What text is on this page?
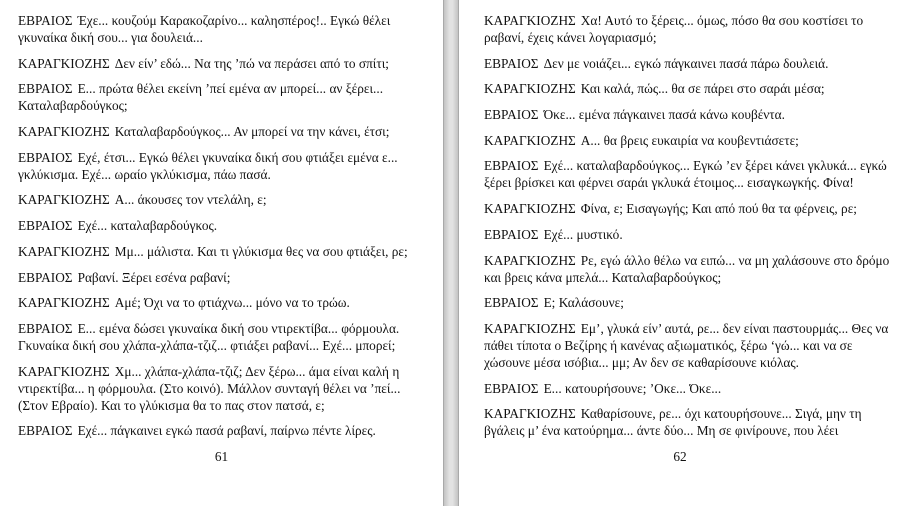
ΕΒΡΑΙΟΣ Έχε... κουζούμ Καρακοζαρίνο... καλησπέρος!.. Εγκώ θέλει γκυναίκα δική σου... για δουλειά...

ΚΑΡΑΓΚΙΟΖΗΣ Δεν είν’ εδώ... Να της ’πώ να περάσει από το σπίτι;

ΕΒΡΑΙΟΣ Ε... πρώτα θέλει εκείνη ’πεί εμένα αν μπορεί... αν ξέρει... Καταλαβαρδούγκος;

ΚΑΡΑΓΚΙΟΖΗΣ Καταλαβαρδούγκος... Αν μπορεί να την κάνει, έτσι;

ΕΒΡΑΙΟΣ Εχέ, έτσι... Εγκώ θέλει γκυναίκα δική σου φτιάξει εμένα ε... γκλύκισμα. Εχέ... ωραίο γκλύκισμα, πάω πασά.

ΚΑΡΑΓΚΙΟΖΗΣ Α... άκουσες τον ντελάλη, ε;

ΕΒΡΑΙΟΣ Εχέ... καταλαβαρδούγκος.

ΚΑΡΑΓΚΙΟΖΗΣ Μμ... μάλιστα. Και τι γλύκισμα θες να σου φτιάξει, ρε;

ΕΒΡΑΙΟΣ Ραβανί. Ξέρει εσένα ραβανί;

ΚΑΡΑΓΚΙΟΖΗΣ Αμέ; Όχι να το φτιάχνω... μόνο να το τρώω.

ΕΒΡΑΙΟΣ Ε... εμένα δώσει γκυναίκα δική σου ντιρεκτίβα... φόρμουλα. Γκυναίκα δική σου χλάπα-χλάπα-τζιζ... φτιάξει ραβανί... Εχέ... μπορεί;

ΚΑΡΑΓΚΙΟΖΗΣ Χμ... χλάπα-χλάπα-τζιζ; Δεν ξέρω... άμα είναι καλή η ντιρεκτίβα... η φόρμουλα. (Στο κοινό). Μάλλον συνταγή θέλει να ’πεί... (Στον Εβραίο). Και το γλύκισμα θα το πας στον πατσά, ε;

ΕΒΡΑΙΟΣ Εχέ... πάγκαινει εγκώ πασά ραβανί, παίρνω πέντε λίρες.

61

ΚΑΡΑΓΚΙΟΖΗΣ Χα! Αυτό το ξέρεις... όμως, πόσο θα σου κοστίσει το ραβανί, έχεις κάνει λογαριασμό;

ΕΒΡΑΙΟΣ Δεν με νοιάζει... εγκώ πάγκαινει πασά πάρω δουλειά.

ΚΑΡΑΓΚΙΟΖΗΣ Και καλά, πώς... θα σε πάρει στο σαράι μέσα;

ΕΒΡΑΙΟΣ Όκε... εμένα πάγκαινει πασά κάνω κουβέντα.

ΚΑΡΑΓΚΙΟΖΗΣ Α... θα βρεις ευκαιρία να κουβεντιάσετε;

ΕΒΡΑΙΟΣ Εχέ... καταλαβαρδούγκος... Εγκώ ’εν ξέρει κάνει γκλυκά... εγκώ ξέρει βρίσκει και φέρνει σαράι γκλυκά έτοιμος... εισαγκωγκής. Φίνα!

ΚΑΡΑΓΚΙΟΖΗΣ Φίνα, ε; Εισαγωγής; Και από πού θα τα φέρνεις, ρε;

ΕΒΡΑΙΟΣ Εχέ... μυστικό.

ΚΑΡΑΓΚΙΟΖΗΣ Ρε, εγώ άλλο θέλω να ειπώ... να μη χαλάσουνε στο δρόμο και βρεις κάνα μπελά... Καταλαβαρδούγκος;

ΕΒΡΑΙΟΣ Ε; Καλάσουνε;

ΚΑΡΑΓΚΙΟΖΗΣ Εμ’, γλυκά είν’ αυτά, ρε... δεν είναι παστουρμάς... Θες να πάθει τίποτα ο Βεζίρης ή κανένας αξιωματικός, ξέρω ‘γώ... και να σε χώσουνε μέσα ισόβια... μμ; Αν δεν σε καθαρίσουνε κιόλας.

ΕΒΡΑΙΟΣ Ε... κατουρήσουνε; ’Οκε... Όκε...

ΚΑΡΑΓΚΙΟΖΗΣ Καθαρίσουνε, ρε... όχι κατουρήσουνε... Σιγά, μην τη βγάλεις μ’ ένα κατούρημα... άντε δύο... Μη σε φινίρουνε, που λέει

62
